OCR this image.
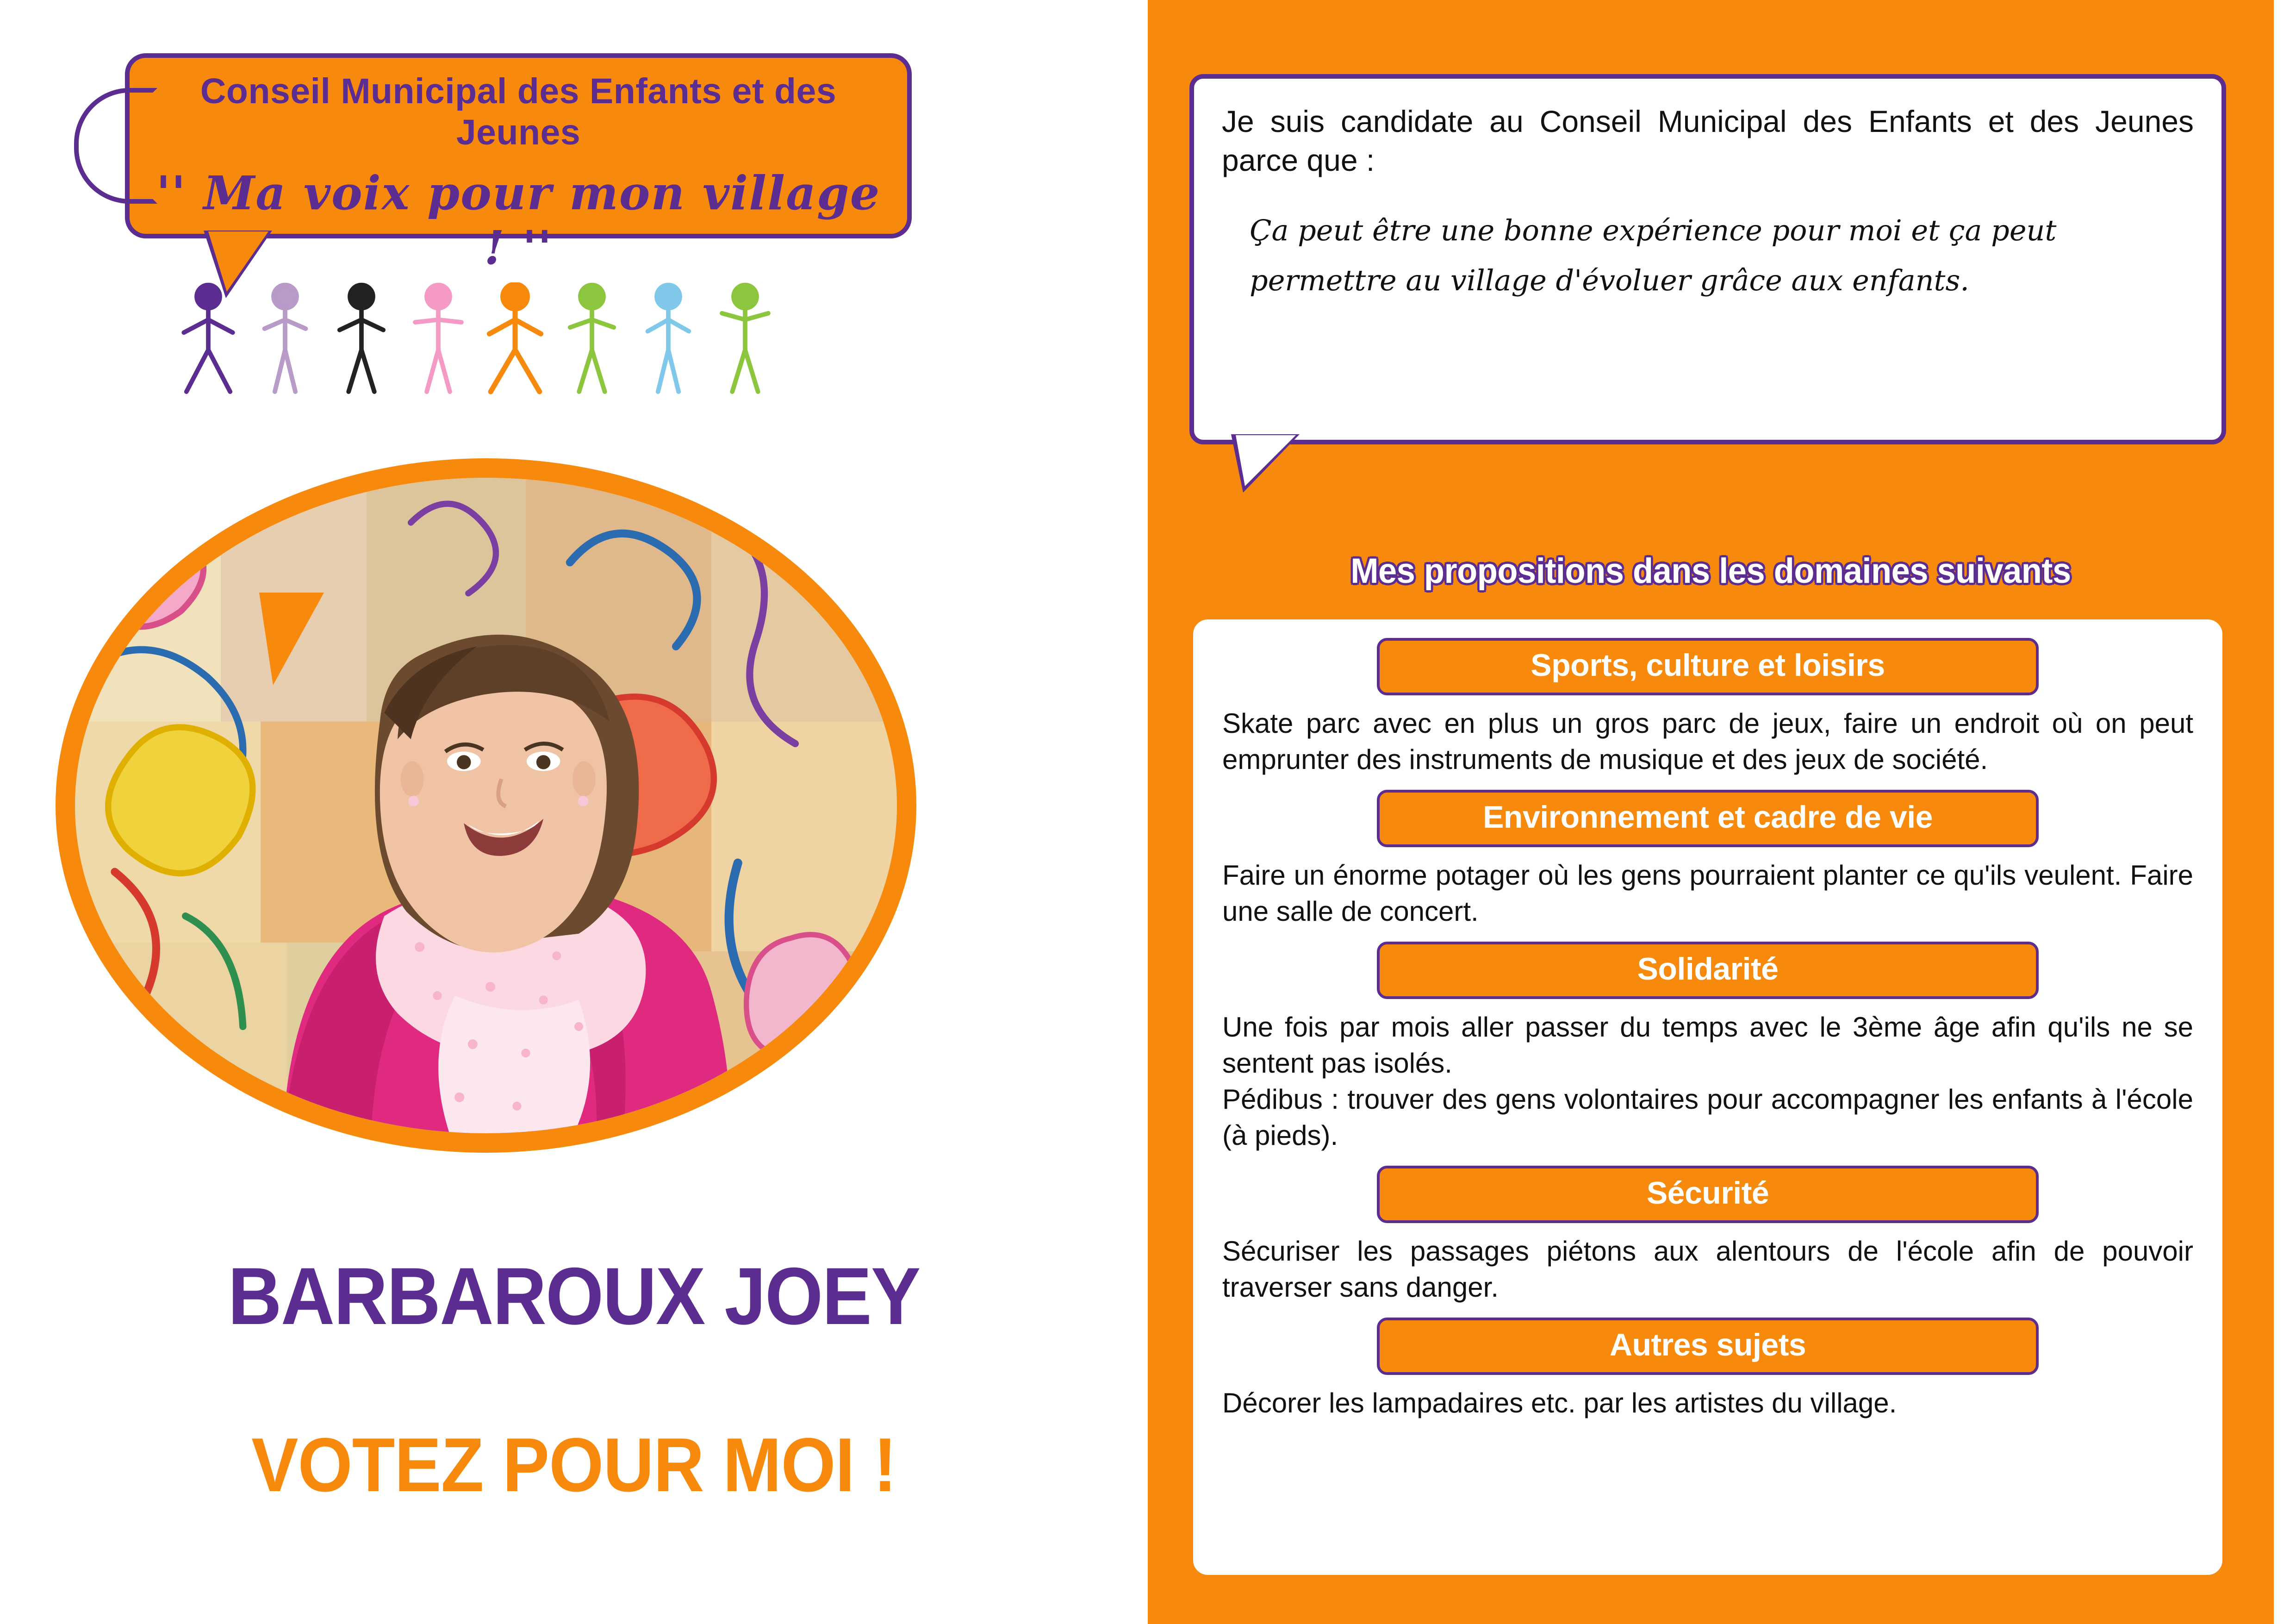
Conseil Municipal des Enfants et des Jeunes
'' Ma voix pour mon village ! ''
BARBAROUX JOEY
VOTEZ POUR MOI !
Je suis candidate au Conseil Municipal des Enfants et des Jeunes parce que :
Ça peut être une bonne expérience pour moi et ça peut permettre au village d'évoluer grâce aux enfants.
Mes propositions dans les domaines suivants
Sports, culture et loisirs

Skate parc avec en plus un gros parc de jeux, faire un endroit où on peut emprunter des instruments de musique et des jeux de société.

Environnement et cadre de vie

Faire un énorme potager où les gens pourraient planter ce qu'ils veulent. Faire une salle de concert.

Solidarité

Une fois par mois aller passer du temps avec le 3ème âge afin qu'ils ne se sentent pas isolés.

Pédibus : trouver des gens volontaires pour accompagner les enfants à l'école (à pieds).

Sécurité

Sécuriser les passages piétons aux alentours de l'école afin de pouvoir traverser sans danger.

Autres sujets

Décorer les lampadaires etc. par les artistes du village.
